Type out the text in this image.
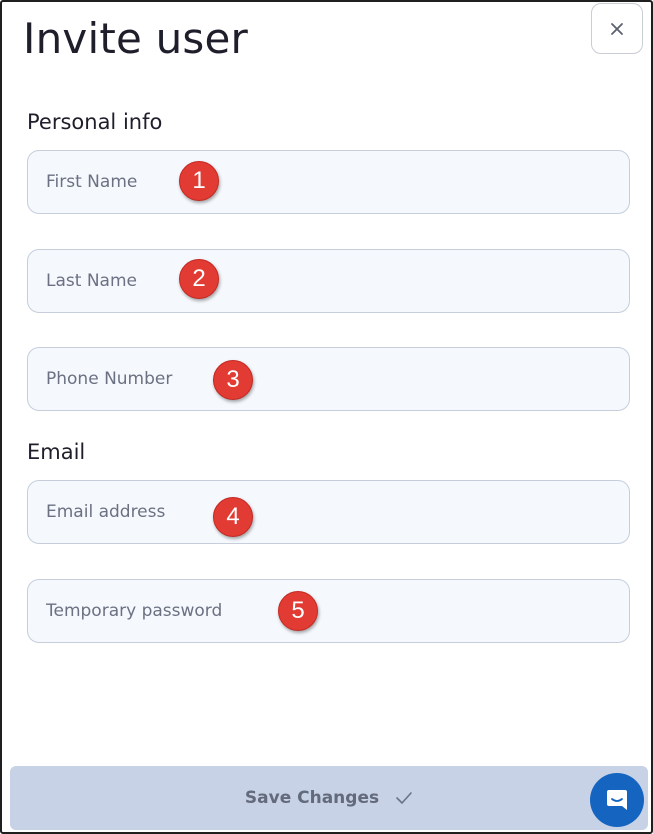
Invite user
Personal info
First Name
1
Last Name
2
Phone Number
3
Email
Email address
4
5
Save Changes
